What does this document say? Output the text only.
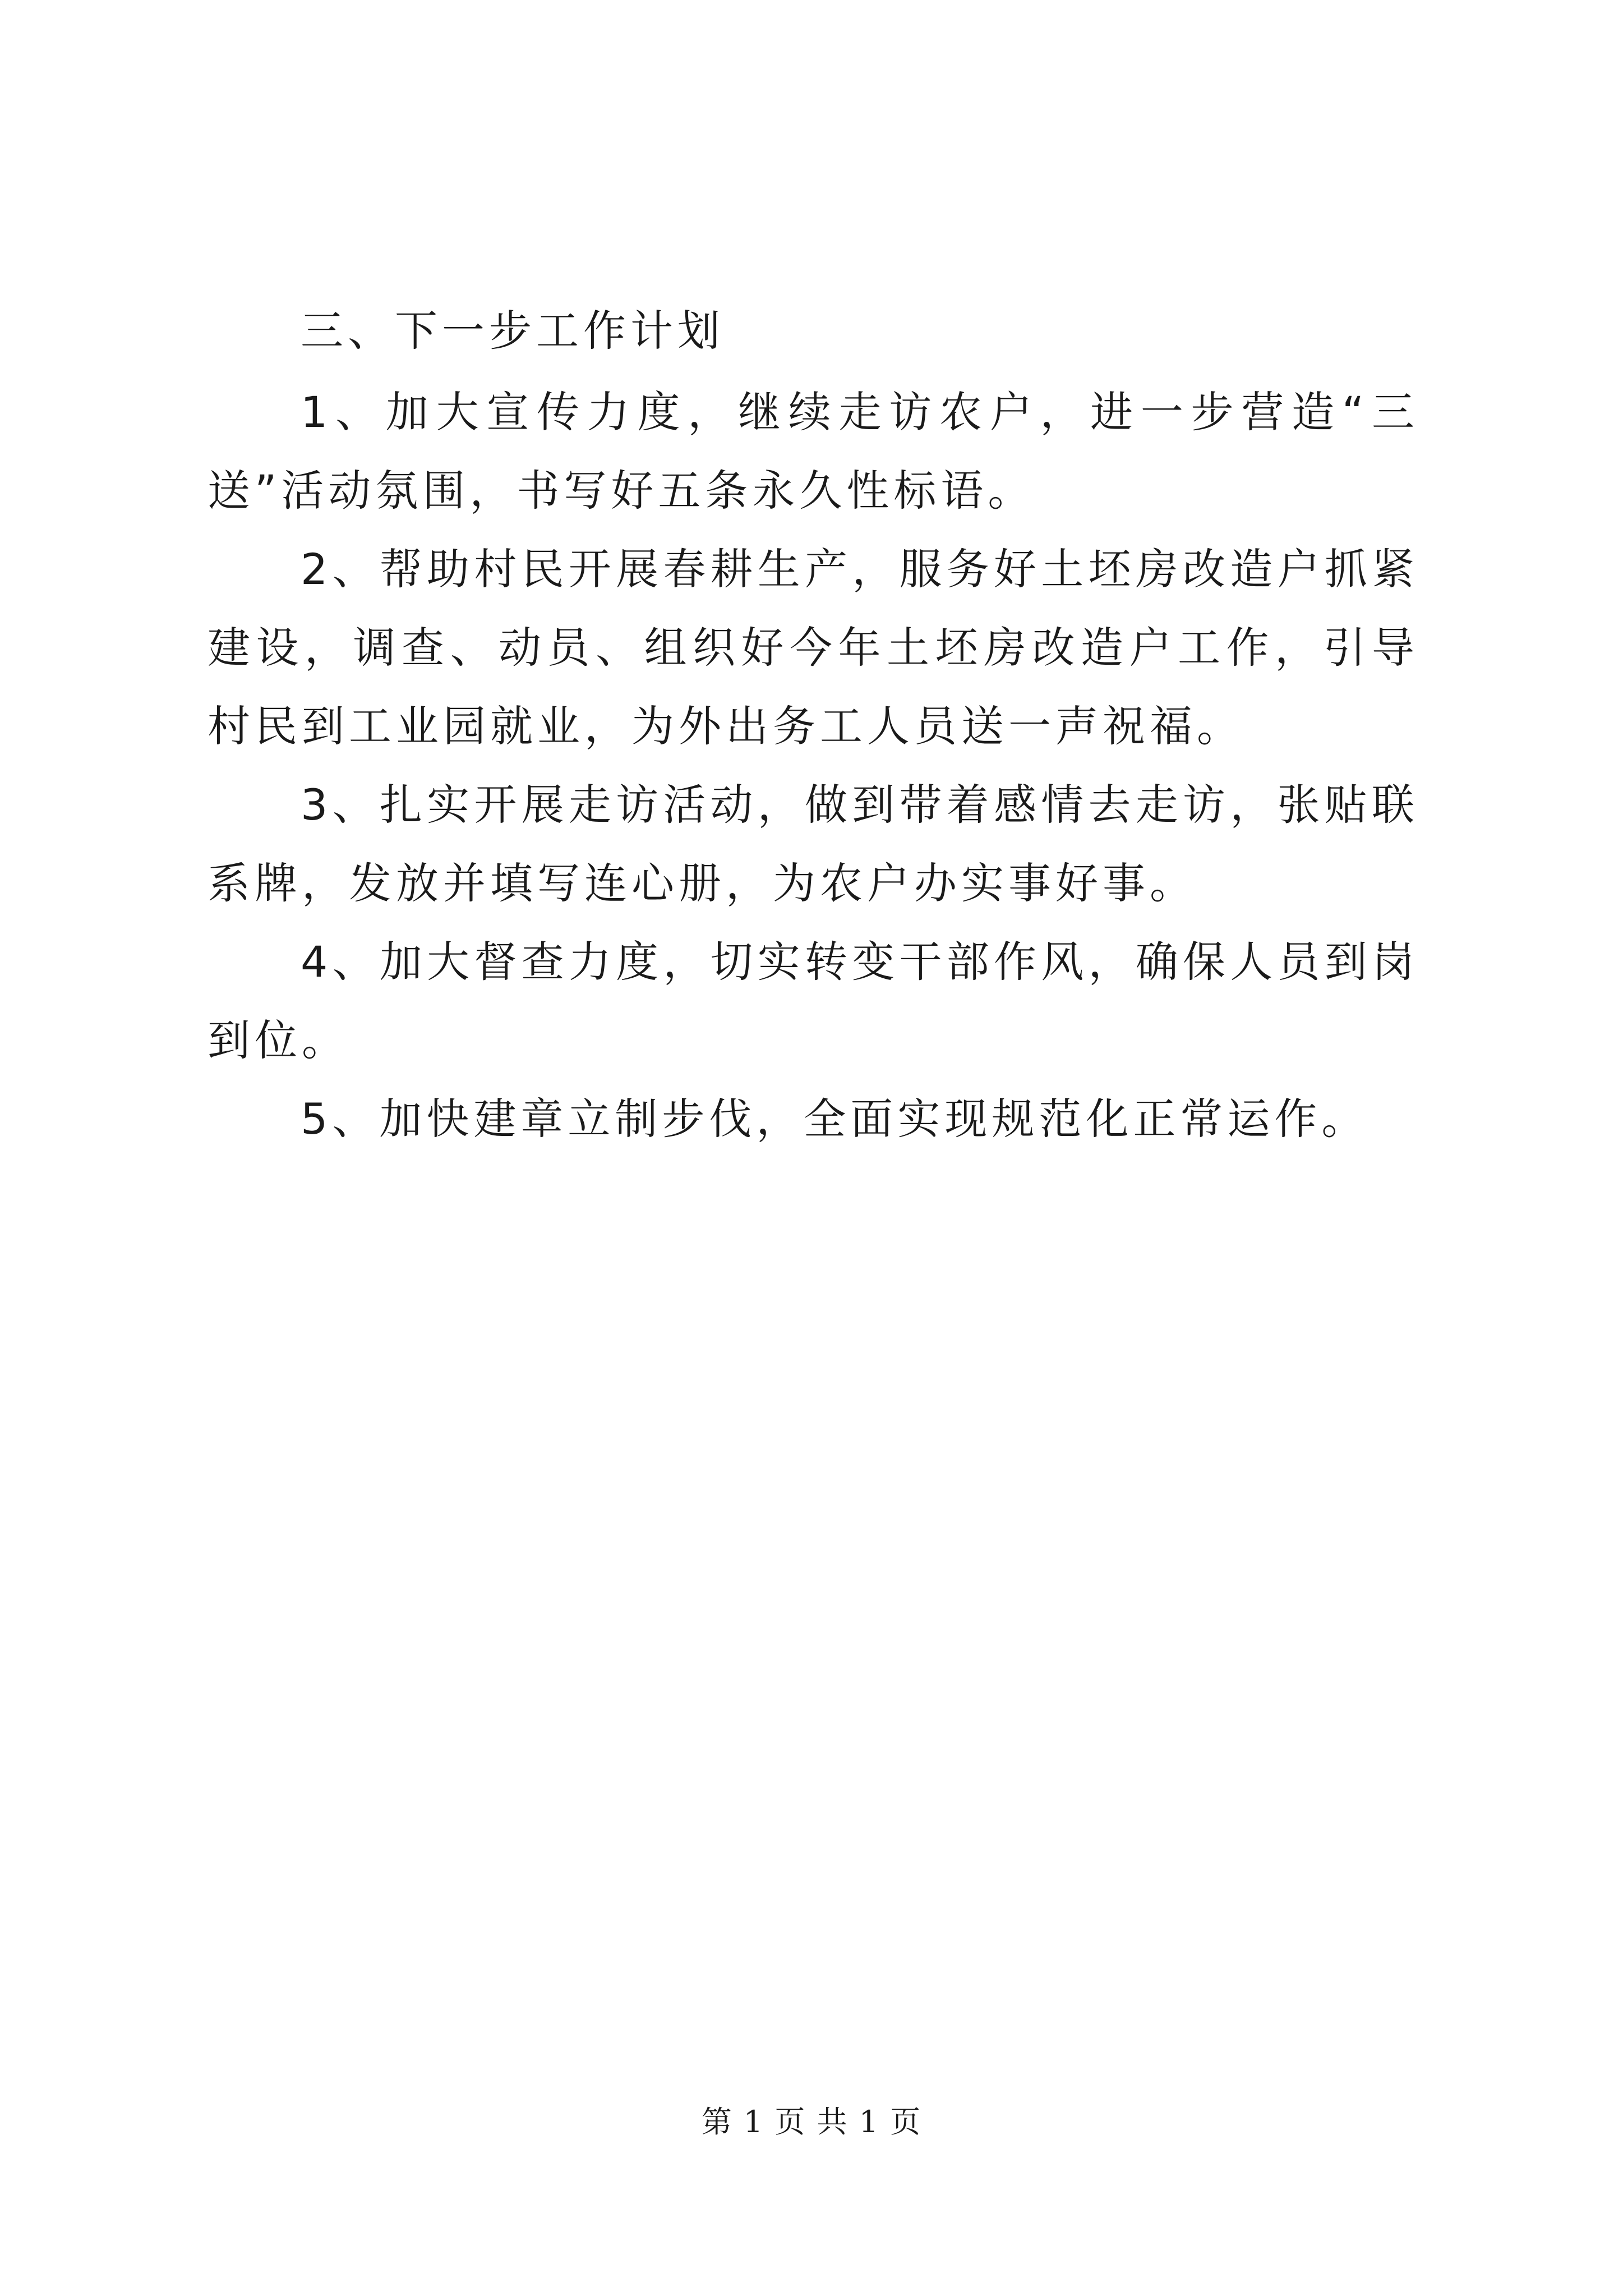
三、下一步工作计划

1、加大宣传力度，继续走访农户，进一步营造“三送”活动氛围，书写好五条永久性标语。

2、帮助村民开展春耕生产，服务好土坯房改造户抓紧建设，调查、动员、组织好今年土坯房改造户工作，引导村民到工业园就业，为外出务工人员送一声祝福。

3、扎实开展走访活动，做到带着感情去走访，张贴联系牌，发放并填写连心册，为农户办实事好事。

4、加大督查力度，切实转变干部作风，确保人员到岗到位。

5、加快建章立制步伐，全面实现规范化正常运作。

第 1 页 共 1 页
